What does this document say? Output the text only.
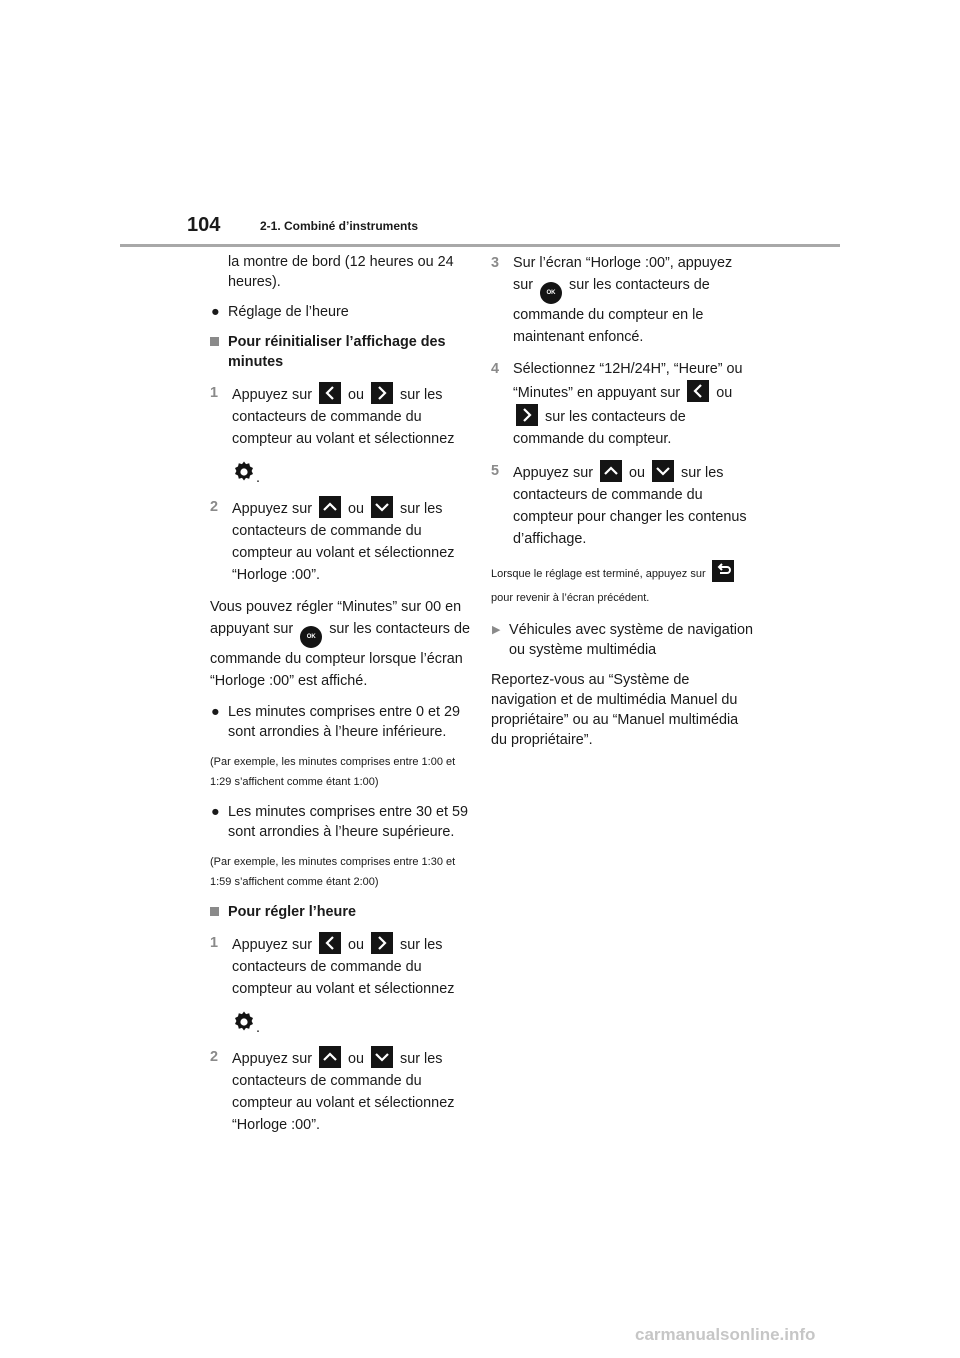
104	2-1. Combiné d’instruments

la montre de bord (12 heures ou 24 heures).

● Réglage de l’heure
Pour réinitialiser l’affichage des minutes
1 Appuyez sur	ou	sur les contacteurs de commande du compteur au volant et sélectionnez
.
2 Appuyez sur	ou	sur les contacteurs de commande du compteur au volant et sélectionnez “Horloge :00”.

Vous pouvez régler “Minutes” sur 00 en appuyant sur OK sur les contacteurs de commande du compteur lorsque l’écran “Horloge :00” est affiché.

● Les minutes comprises entre 0 et 29 sont arrondies à l’heure inférieure.

(Par exemple, les minutes comprises entre 1:00 et 1:29 s’affichent comme étant 1:00)

● Les minutes comprises entre 30 et 59 sont arrondies à l’heure supérieure.

(Par exemple, les minutes comprises entre 1:30 et 1:59 s’affichent comme étant 2:00)

Pour régler l’heure
1 Appuyez sur	ou	sur les contacteurs de commande du compteur au volant et sélectionnez
.
2 Appuyez sur	ou	sur les contacteurs de commande du compteur au volant et sélectionnez “Horloge :00”.
3 Sur l’écran “Horloge :00”, appuyez sur OK sur les contacteurs de commande du compteur en le maintenant enfoncé.
4 Sélectionnez “12H/24H”, “Heure” ou “Minutes” en appuyant sur	ou
sur les contacteurs de commande du compteur.
5 Appuyez sur	ou	sur les contacteurs de commande du compteur pour changer les contenus d’affichage.

Lorsque le réglage est terminé, appuyez sur
pour revenir à l’écran précédent.

▶ Véhicules avec système de navigation ou système multimédia

Reportez-vous au “Système de navigation et de multimédia Manuel du propriétaire” ou au “Manuel multimédia du propriétaire”.

carmanualsonline.info
